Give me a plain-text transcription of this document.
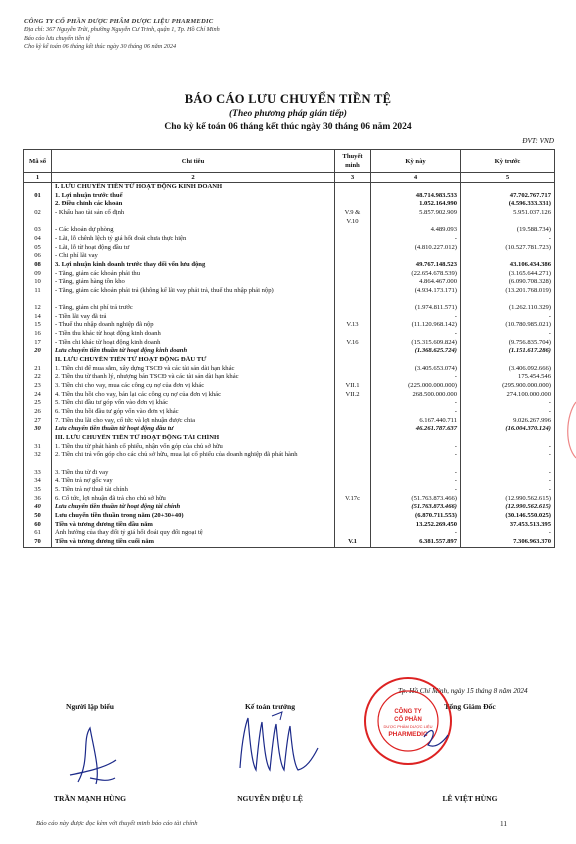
CÔNG TY CỔ PHẦN DƯỢC PHẨM DƯỢC LIỆU PHARMEDIC
Địa chỉ: 367 Nguyễn Trãi, phường Nguyễn Cư Trinh, quận 1, Tp. Hồ Chí Minh
Báo cáo lưu chuyển tiền tệ
Cho kỳ kế toán 06 tháng kết thúc ngày 30 tháng 06 năm 2024
BÁO CÁO LƯU CHUYỂN TIỀN TỆ
(Theo phương pháp gián tiếp)
Cho kỳ kế toán 06 tháng kết thúc ngày 30 tháng 06 năm 2024
ĐVT: VND
Mã số	Chỉ tiêu	Thuyết minh	Kỳ này	Kỳ trước
1	2	3	4	5
	I. LƯU CHUYỂN TIỀN TỪ HOẠT ĐỘNG KINH DOANH			
01	1. Lợi nhuận trước thuế		48.714.983.533	47.702.767.717
	2. Điều chỉnh các khoản		1.052.164.990	(4.596.333.331)
02	- Khấu hao tài sản cố định	V.9 & V.10	5.857.902.909	5.951.037.126
03	- Các khoản dự phòng		4.489.093	(19.588.734)
04	- Lãi, lỗ chênh lệch tỷ giá hối đoái chưa thực hiện		-	-
05	- Lãi, lỗ từ hoạt động đầu tư		(4.810.227.012)	(10.527.781.723)
06	- Chi phí lãi vay			
08	3. Lợi nhuận kinh doanh trước thay đổi vốn lưu động		49.767.148.523	43.106.434.386
09	- Tăng, giảm các khoản phải thu		(22.654.678.539)	(3.165.644.271)
10	- Tăng, giảm hàng tồn kho		4.864.467.000	(6.090.708.328)
11	- Tăng, giảm các khoản phải trả (không kể lãi vay phải trả, thuế thu nhập phải nộp)		(4.934.173.171)	(13.201.768.019)
12	- Tăng, giảm chi phí trả trước		(1.974.811.571)	(1.262.110.329)
14	- Tiền lãi vay đã trả		-	-
15	- Thuế thu nhập doanh nghiệp đã nộp	V.13	(11.120.968.142)	(10.780.985.021)
16	- Tiền thu khác từ hoạt động kinh doanh		-	-
17	- Tiền chi khác từ hoạt động kinh doanh	V.16	(15.315.609.824)	(9.756.835.704)
20	Lưu chuyển tiền thuần từ hoạt động kinh doanh		(1.368.625.724)	(1.151.617.286)
	II. LƯU CHUYỂN TIỀN TỪ HOẠT ĐỘNG ĐẦU TƯ			
21	1. Tiền chi để mua sắm, xây dựng TSCĐ và các tài sản dài hạn khác		(3.405.653.074)	(3.406.092.666)
22	2. Tiền thu từ thanh lý, nhượng bán TSCĐ và các tài sản dài hạn khác		-	175.454.546
23	3. Tiền chi cho vay, mua các công cụ nợ của đơn vị khác	VII.1	(225.000.000.000)	(295.900.000.000)
24	4. Tiền thu hồi cho vay, bán lại các công cụ nợ của đơn vị khác	VII.2	268.500.000.000	274.100.000.000
25	5. Tiền chi đầu tư góp vốn vào đơn vị khác		-	-
26	6. Tiền thu hồi đầu tư góp vốn vào đơn vị khác		-	-
27	7. Tiền thu lãi cho vay, cổ tức và lợi nhuận được chia		6.167.440.711	9.026.267.996
30	Lưu chuyển tiền thuần từ hoạt động đầu tư		46.261.787.637	(16.004.370.124)
	III. LƯU CHUYỂN TIỀN TỪ HOẠT ĐỘNG TÀI CHÍNH			
31	1. Tiền thu từ phát hành cổ phiếu, nhận vốn góp của chủ sở hữu		-	-
32	2. Tiền chi trả vốn góp cho các chủ sở hữu, mua lại cổ phiếu của doanh nghiệp đã phát hành		-	-
33	3. Tiền thu từ đi vay		-	-
34	4. Tiền trả nợ gốc vay		-	-
35	5. Tiền trả nợ thuê tài chính		-	-
36	6. Cổ tức, lợi nhuận đã trả cho chủ sở hữu	V.17c	(51.763.873.466)	(12.990.562.615)
40	Lưu chuyển tiền thuần từ hoạt động tài chính		(51.763.873.466)	(12.990.562.615)
50	Lưu chuyển tiền thuần trong năm (20+30+40)		(6.870.711.553)	(30.146.550.025)
60	Tiền và tương đương tiền đầu năm		13.252.269.450	37.453.513.395
61	Ảnh hưởng của thay đổi tỷ giá hối đoái quy đổi ngoại tệ		-	-
70	Tiền và tương đương tiền cuối năm	V.1	6.381.557.897	7.306.963.370
Tp. Hồ Chí Minh, ngày 15 tháng 8 năm 2024
Người lập biểu	Kế toán trưởng	Tổng Giám Đốc
CÔNG TY
CỔ PHẦN
DƯỢC PHẨM DƯỢC LIỆU
PHARMEDIC
TRẦN MẠNH HÙNG	NGUYỄN DIỆU LỆ	LÊ VIỆT HÙNG
Báo cáo này được đọc kèm với thuyết minh báo cáo tài chính	11
